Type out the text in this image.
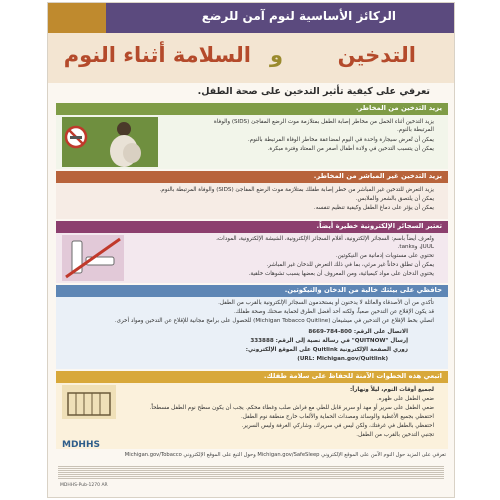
الركائز الأساسية لنوم آمن للرضع
التدخين
و
السلامة أثناء النوم
تعرفي على كيفية تأثير التدخين على صحة الطفل.
يزيد التدخين من المخاطر.
يزيد التدخين أثناء الحمل من مخاطر إصابة الطفل بمتلازمة موت الرضع المفاجئ (SIDS) والوفاة
المرتبطة بالنوم.
يمكن أن تُعرض سيجارة واحدة في اليوم لمضاعفة مخاطر الوفاة المرتبطة بالنوم.
يمكن أن يتسبب التدخين في ولادة أطفال أصغر من المعتاد وفترة مبكرة.
يزيد التدخين غير المباشر من المخاطر.
يزيد التعرض للتدخين غير المباشر من خطر إصابة طفلك بمتلازمة موت الرضع المفاجئ (SIDS) والوفاة المرتبطة بالنوم.
يمكن أن يلتصق بالشعر والملابس.
يمكن أن يؤثر على دماغ الطفل وكيفية تنظيم تنفسه.
تعتبر السجائر الإلكترونية خطيرة أيضاً.
وتُعرف أيضاً باسم: السجائر الإلكترونية، أقلام السجائر الإلكترونية، الشيشة الإلكترونية، المودات،
JUUL، وtanks.
تحتوي على مستويات إدمانية من النيكوتين.
يمكن أن تطلق دخاناً غير مرئي، بما في ذلك التعرض للدخان غير المباشر.
يحتوي الدخان على مواد كيميائية، ومن المعروف أن بعضها يسبب تشوهات خلقية.
حافظي على بيئتك خالية من الدخان والنيكوتين.
تأكدي من أن الأصدقاء والعائلة لا يدخنون أو يستخدمون السجائر الإلكترونية بالقرب من الطفل.
قد يكون الإقلاع عن التدخين صعباً، ولكنه أحد أفضل الطرق لحماية صحتك وصحة طفلك.
اتصلي بخط الإقلاع عن التدخين في ميشيغان (Michigan Tobacco Quitline) للحصول على برامج مجانية للإقلاع عن التدخين ومواد أخرى.
الاتصال على الرقم: 800-784-8669
إرسال "QUITNOW" في رسالة نصية إلى الرقم: 333888
زوري الصفحة الإلكترونية Quitlink على الموقع الإلكتروني:
(URL: Michigan.gov/Quitlink)
اتبعي هذه الخطوات الآمنة للحفاظ على سلامة طفلك.
لجميع أوقات النوم، ليلاً ونهاراً:
ضعي الطفل على ظهره.
ضعي الطفل على سرير أو مهد أو سرير قابل للطي مع فراش صلب وغطاء محكم. يجب أن يكون سطح نوم الطفل مسطحاً.
احتفظي بجميع الأغطية والوسائد ومصدات الحماية والألعاب خارج منطقة نوم الطفل.
احتفظي بالطفل في غرفتك، ولكن ليس في سريرك، وشاركي الغرفة وليس السرير.
تجنبي التدخين بالقرب من الطفل.
تعرفي على المزيد حول النوم الآمن على الموقع الإلكتروني Michigan.gov/SafeSleep وحول التبغ على الموقع الإلكتروني Michigan.gov/Tobacco
MDHHS
MDHHS-Pub-1270 AR
